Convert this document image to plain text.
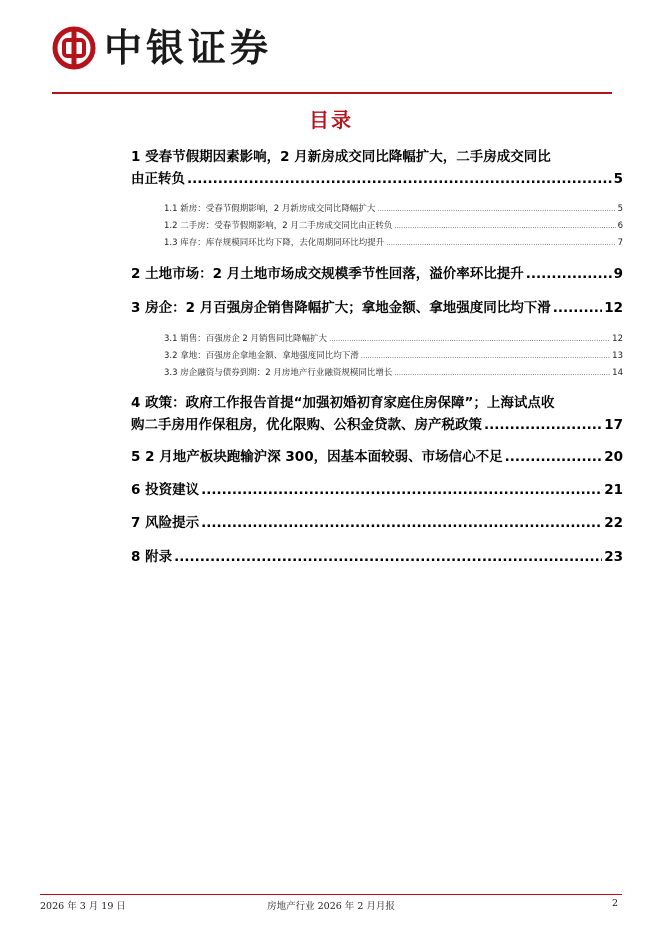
中银证券
目录
1 受春节假期因素影响，2 月新房成交同比降幅扩大，二手房成交同比
由正转负 .....	5
1.1 新房：受春节假期影响，2 月新房成交同比降幅扩大 .....	5
1.2 二手房：受春节假期影响，2 月二手房成交同比由正转负 .....	6
1.3 库存：库存规模同环比均下降，去化周期同环比均提升 .....	7
2 土地市场：2 月土地市场成交规模季节性回落，溢价率环比提升 .....	9
3 房企：2 月百强房企销售降幅扩大；拿地金额、拿地强度同比均下滑 .....	12
3.1 销售：百强房企 2 月销售同比降幅扩大 .....	12
3.2 拿地：百强房企拿地金额、拿地强度同比均下滑 .....	13
3.3 房企融资与债券到期：2 月房地产行业融资规模同比增长 .....	14
4 政策：政府工作报告首提“加强初婚初育家庭住房保障”；上海试点收
购二手房用作保租房，优化限购、公积金贷款、房产税政策 .....	17
5 2 月地产板块跑输沪深 300，因基本面较弱、市场信心不足 .....	20
6 投资建议 .....	21
7 风险提示 .....	22
8 附录 .....	23
2026 年 3 月 19 日	房地产行业 2026 年 2 月月报	2
